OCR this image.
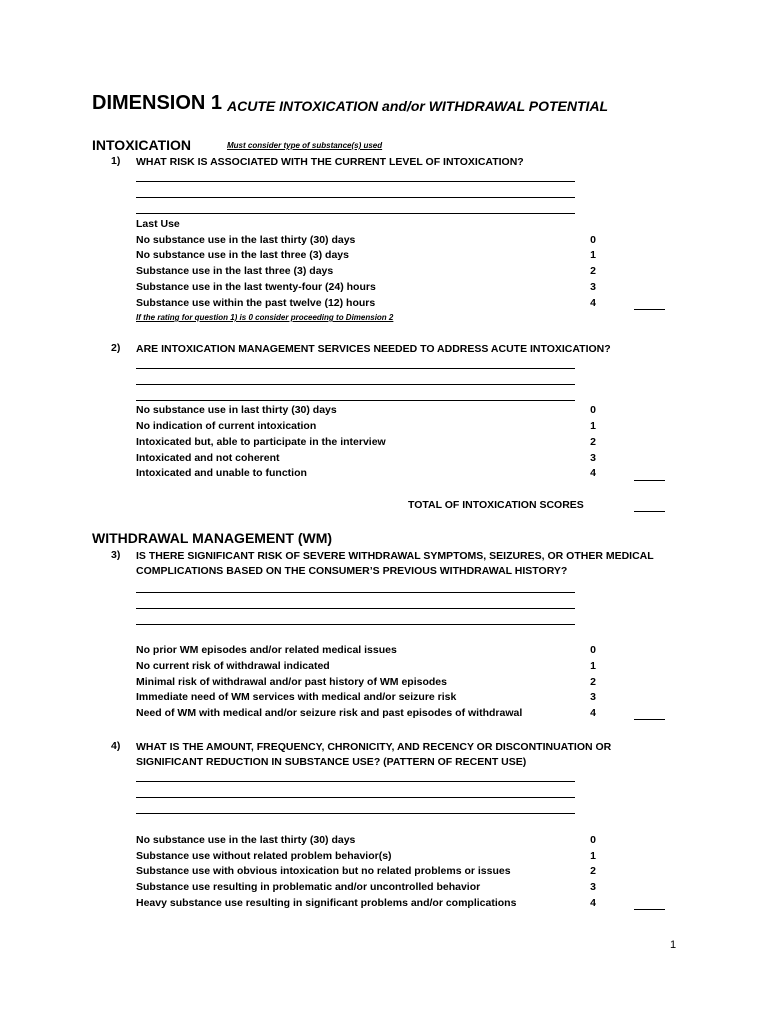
DIMENSION 1 ACUTE INTOXICATION and/or WITHDRAWAL POTENTIAL
INTOXICATION	Must consider type of substance(s) used
1) WHAT RISK IS ASSOCIATED WITH THE CURRENT LEVEL OF INTOXICATION?
Last Use
No substance use in the last thirty (30) days	0
No substance use in the last three (3) days	1
Substance use in the last three (3) days	2
Substance use in the last twenty-four (24) hours	3
Substance use within the past twelve (12) hours	4
If the rating for question 1) is 0 consider proceeding to Dimension 2
2) ARE INTOXICATION MANAGEMENT SERVICES NEEDED TO ADDRESS ACUTE INTOXICATION?
No substance use in last thirty (30) days	0
No indication of current intoxication	1
Intoxicated but, able to participate in the interview	2
Intoxicated and not coherent	3
Intoxicated and unable to function	4
TOTAL OF INTOXICATION SCORES
WITHDRAWAL MANAGEMENT (WM)
3) IS THERE SIGNIFICANT RISK OF SEVERE WITHDRAWAL SYMPTOMS, SEIZURES, OR OTHER MEDICAL COMPLICATIONS BASED ON THE CONSUMER’S PREVIOUS WITHDRAWAL HISTORY?
No prior WM episodes and/or related medical issues	0
No current risk of withdrawal indicated	1
Minimal risk of withdrawal and/or past history of WM episodes	2
Immediate need of WM services with medical and/or seizure risk	3
Need of WM with medical and/or seizure risk and past episodes of withdrawal	4
4) WHAT IS THE AMOUNT, FREQUENCY, CHRONICITY, AND RECENCY OR DISCONTINUATION OR SIGNIFICANT REDUCTION IN SUBSTANCE USE? (PATTERN OF RECENT USE)
No substance use in the last thirty (30) days	0
Substance use without related problem behavior(s)	1
Substance use with obvious intoxication but no related problems or issues	2
Substance use resulting in problematic and/or uncontrolled behavior	3
Heavy substance use resulting in significant problems and/or complications	4
1
